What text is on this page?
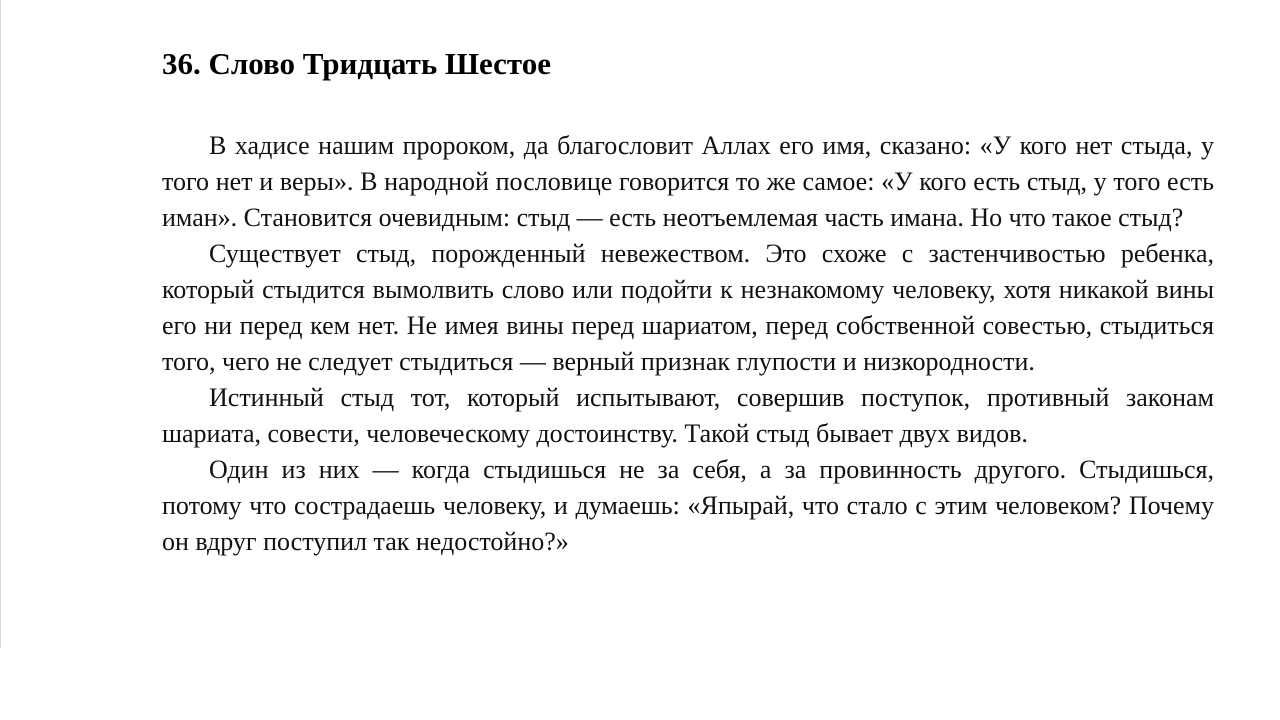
36. Слово Тридцать Шестое

В хадисе нашим пророком, да благословит Аллах его имя, сказано: «У кого нет стыда, у того нет и веры». В народной пословице говорится то же самое: «У кого есть стыд, у того есть иман». Становится очевидным: стыд — есть неотъемлемая часть имана. Но что такое стыд?

Существует стыд, порожденный невежеством. Это схоже с застенчивостью ребенка, который стыдится вымолвить слово или подойти к незнакомому человеку, хотя никакой вины его ни перед кем нет. Не имея вины перед шариатом, перед собственной совестью, стыдиться того, чего не следует стыдиться — верный признак глупости и низкородности.

Истинный стыд тот, который испытывают, совершив поступок, противный законам шариата, совести, человеческому достоинству. Такой стыд бывает двух видов.

Один из них — когда стыдишься не за себя, а за провинность другого. Стыдишься, потому что сострадаешь человеку, и думаешь: «Япырай, что стало с этим человеком? Почему он вдруг поступил так недостойно?»
